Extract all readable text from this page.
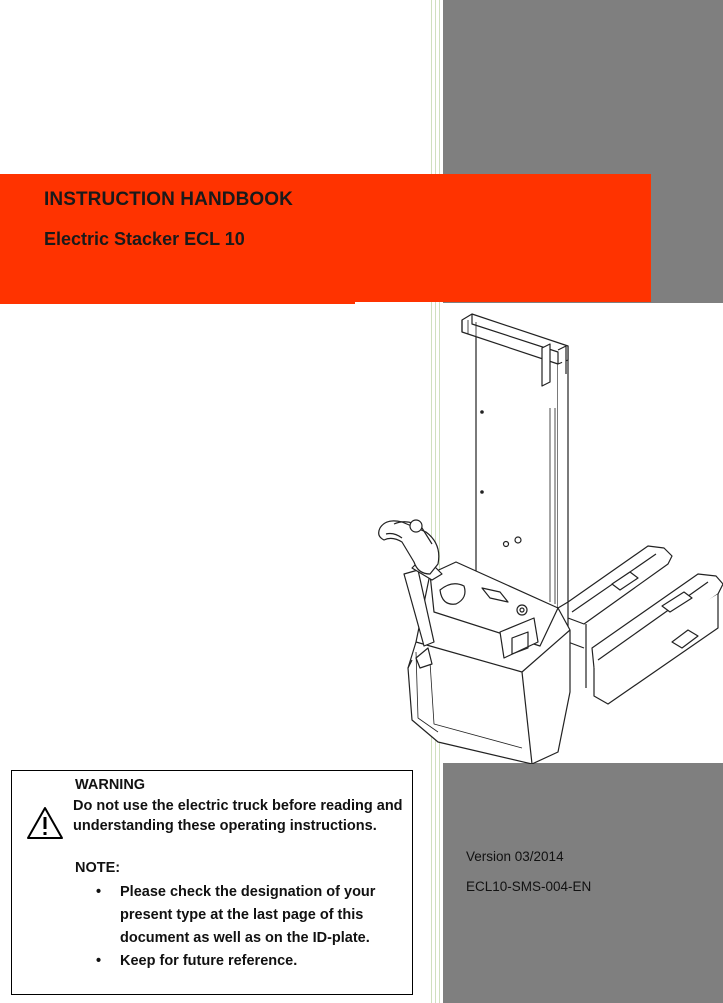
INSTRUCTION HANDBOOK
Electric Stacker ECL 10
WARNING
Do not use the electric truck before reading and understanding these operating instructions.
NOTE:
• Please check the designation of your present type at the last page of this document as well as on the ID-plate.
• Keep for future reference.
Version 03/2014
ECL10-SMS-004-EN
